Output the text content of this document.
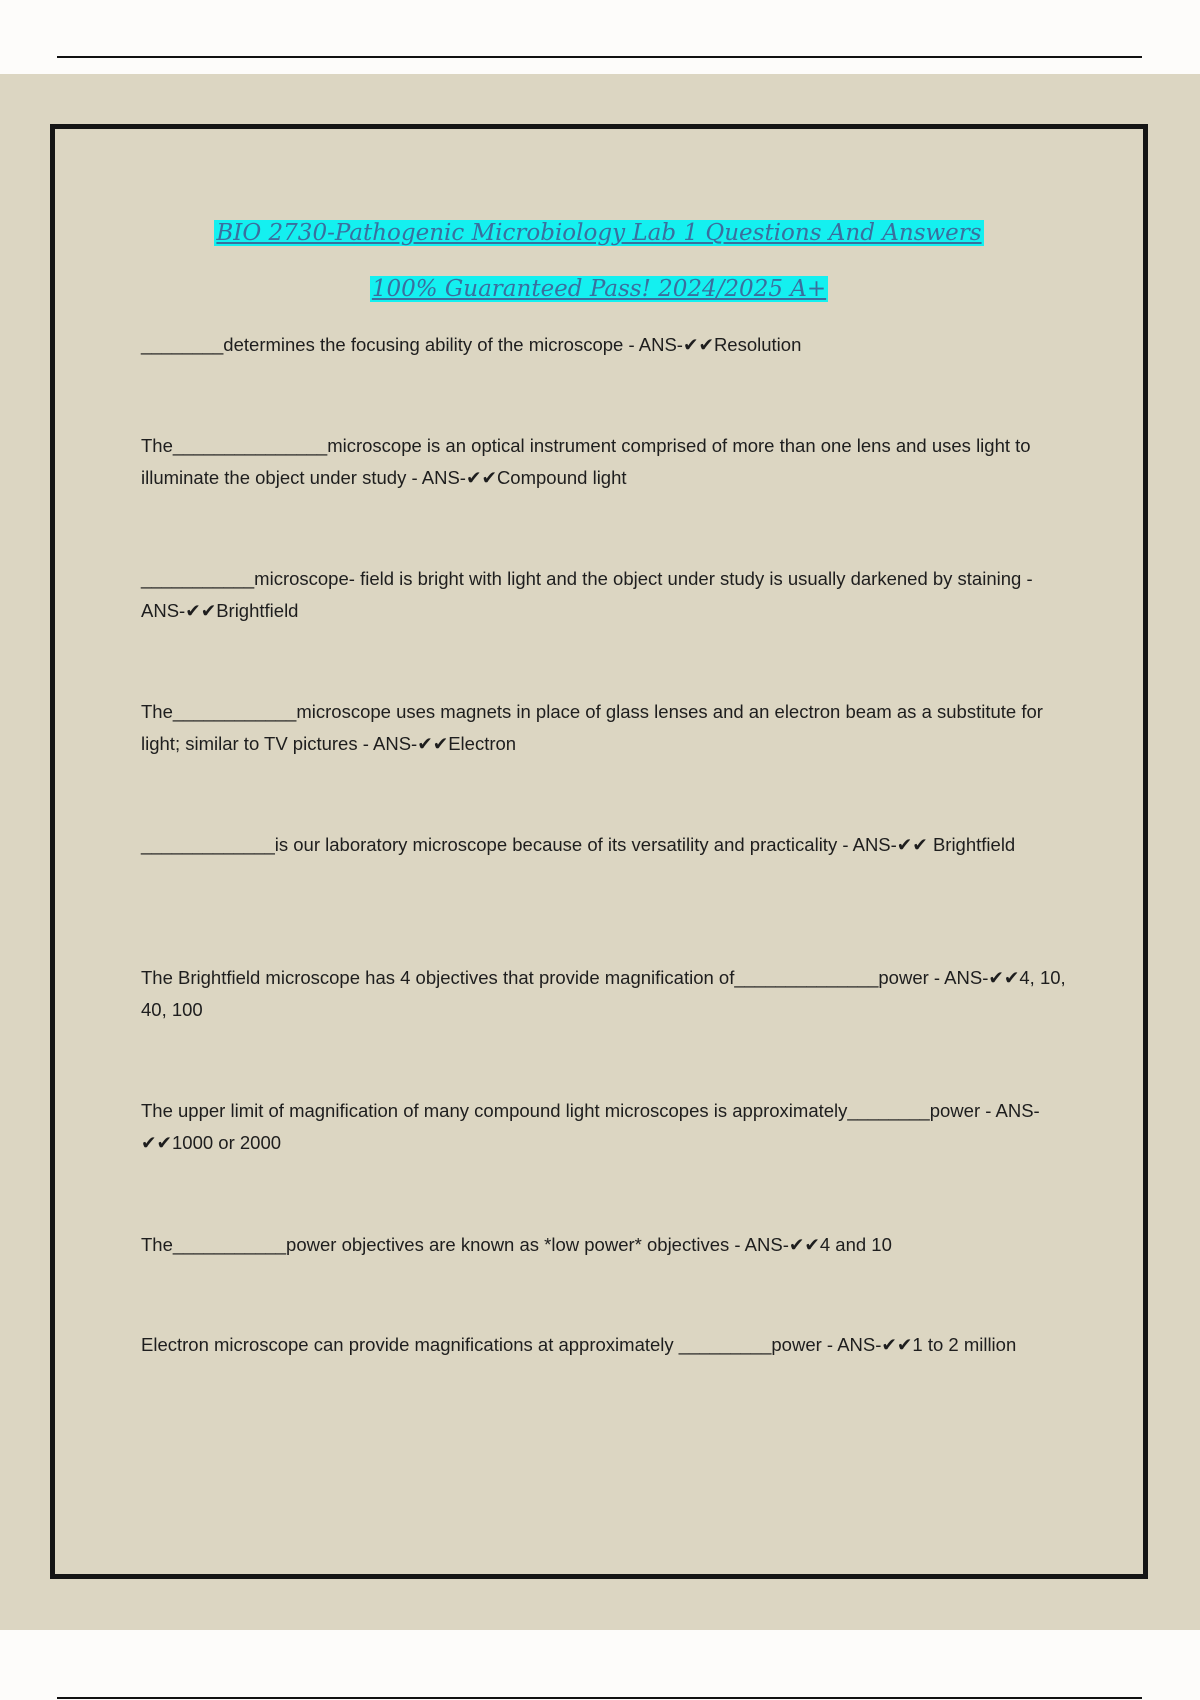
BIO 2730-Pathogenic Microbiology Lab 1 Questions And Answers
100% Guaranteed Pass! 2024/2025 A+

________determines the focusing ability of the microscope - ANS-✔✔Resolution

The_______________microscope is an optical instrument comprised of more than one lens and uses light to illuminate the object under study - ANS-✔✔Compound light

___________microscope- field is bright with light and the object under study is usually darkened by staining - ANS-✔✔Brightfield

The____________microscope uses magnets in place of glass lenses and an electron beam as a substitute for light; similar to TV pictures - ANS-✔✔Electron

_____________is our laboratory microscope because of its versatility and practicality - ANS-✔✔ Brightfield

The Brightfield microscope has 4 objectives that provide magnification of______________power - ANS-✔✔4, 10, 40, 100

The upper limit of magnification of many compound light microscopes is approximately________power - ANS-✔✔1000 or 2000

The___________power objectives are known as *low power* objectives - ANS-✔✔4 and 10

Electron microscope can provide magnifications at approximately _________power - ANS-✔✔1 to 2 million
